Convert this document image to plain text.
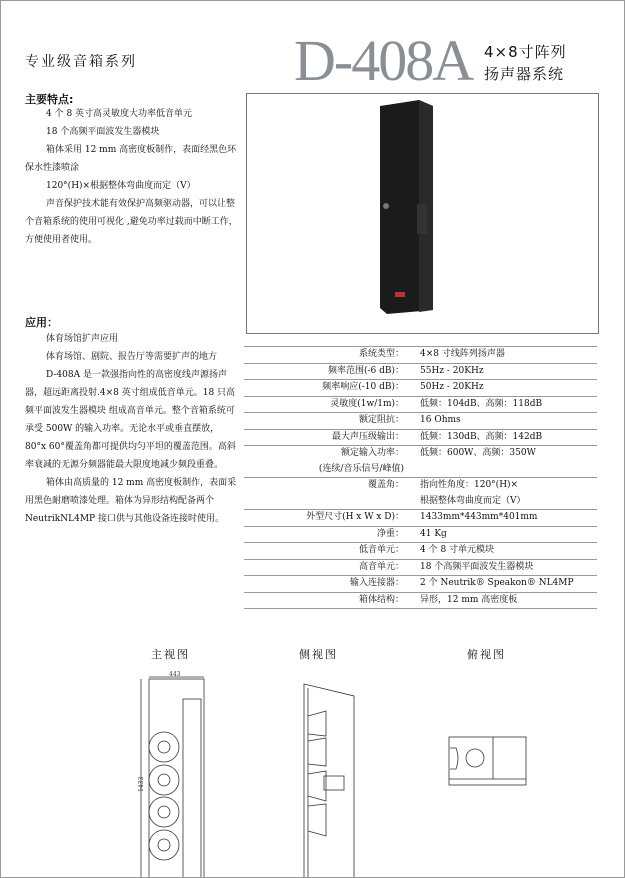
专业级音箱系列	D-408A 4×8寸阵列
扬声器系统
主要特点:

4 个 8 英寸高灵敏度大功率低音单元

18 个高频平面波发生器模块

箱体采用 12 mm 高密度板制作，表面经黑色环保水性漆喷涂

120°(H)×根据整体弯曲度而定（V）

声音保护技术能有效保护高频驱动器，可以让整个音箱系统的使用可视化 ,避免功率过载而中断工作，方便使用者使用。

应用：

体育场馆扩声应用

体育场馆、剧院、报告厅等需要扩声的地方

D-408A 是一款强指向性的高密度线声源扬声器，超远距离投射.4×8 英寸组成低音单元。18 只高频平面波发生器模块 组成高音单元。整个音箱系统可承受 500W 的输入功率。无论水平或垂直摆放，80°x 60°覆盖角都可提供均匀平坦的覆盖范围。高斜率衰减的无源分频器能最大限度地减少频段重叠。

箱体由高质量的 12 mm 高密度板制作，表面采用黑色耐磨喷漆处理。箱体为异形结构配备两个 NeutrikNL4MP 接口供与其他设备连接时使用。

系统类型： 4×8 寸线阵列扬声器
频率范围(-6 dB)： 55Hz - 20KHz
频率响应(-10 dB)： 50Hz - 20KHz
灵敏度(1w/1m)： 低频：104dB、高频：118dB
额定阻抗： 16 Ohms
最大声压级输出： 低频：130dB、高频：142dB
额定输入功率：
(连续/音乐信号/峰值)
低频：600W、高频：350W
覆盖角： 指向性角度：120°(H)×
根据整体弯曲度而定（V）
外型尺寸(H x W x D)： 1433mm*443mm*401mm
净重： 41 Kg
低音单元： 4 个 8 寸单元模块
高音单元： 18 个高频平面波发生器模块
输入连接器： 2 个 Neutrik® Speakon® NL4MP
箱体结构： 异形，12 mm 高密度板
主视图	侧视图	俯视图
443
1433
